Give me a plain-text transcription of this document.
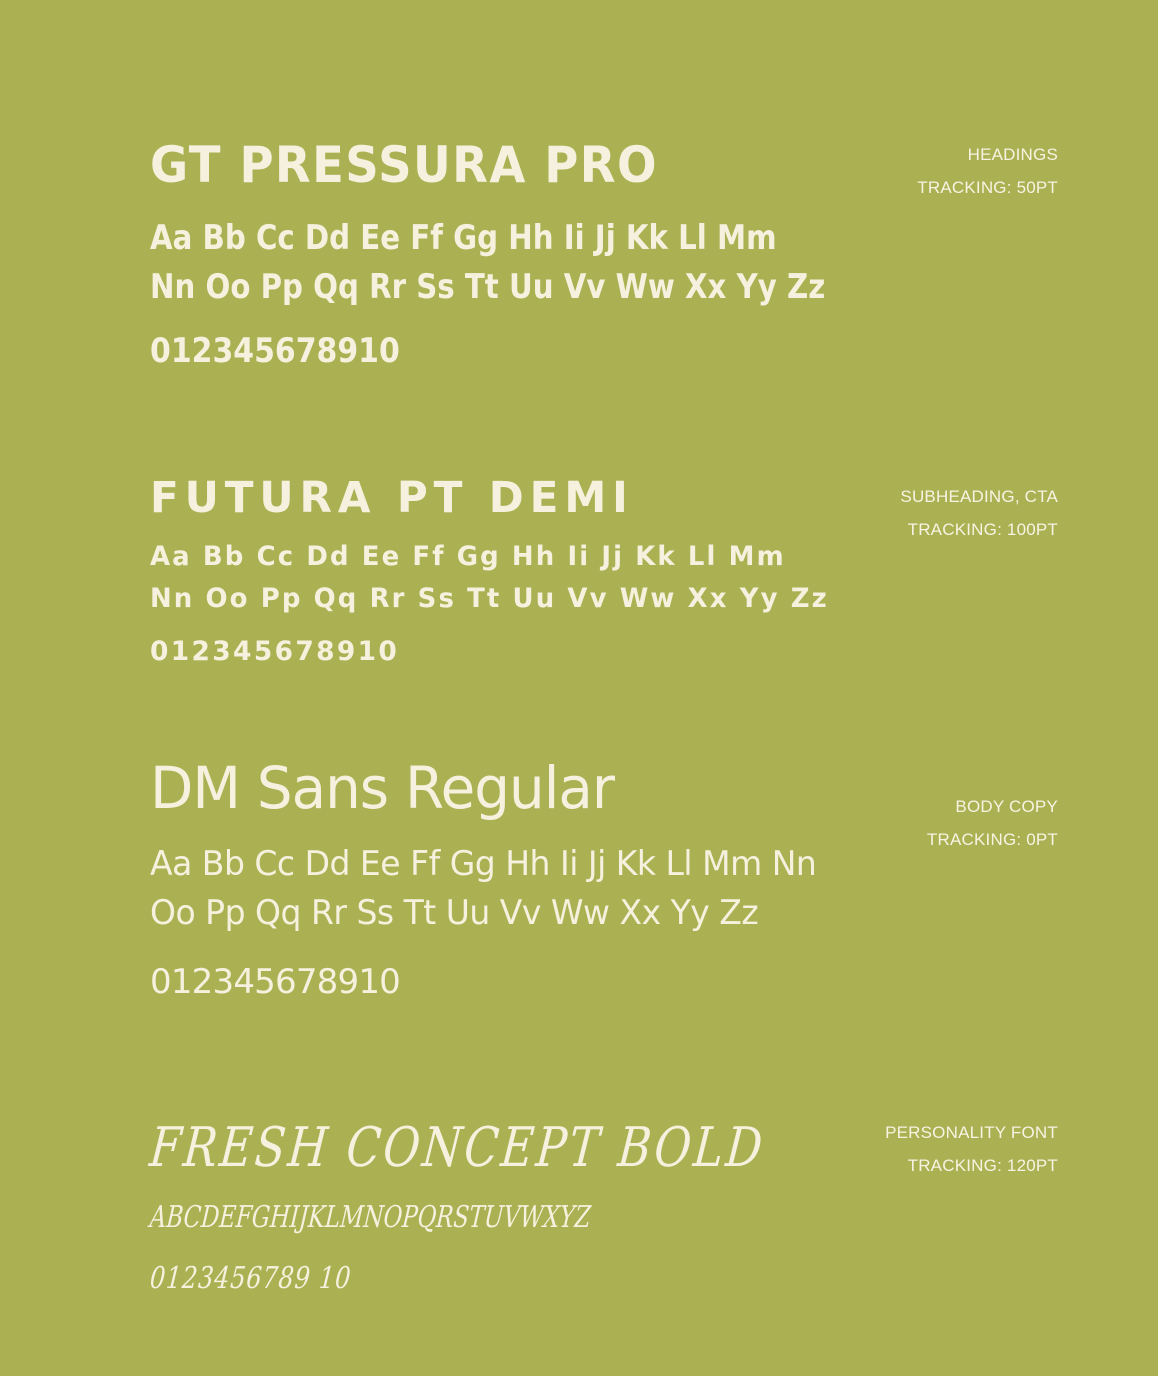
GT PRESSURA PRO
Aa Bb Cc Dd Ee Ff Gg Hh Ii Jj Kk Ll Mm
Nn Oo Pp Qq Rr Ss Tt Uu Vv Ww Xx Yy Zz
012345678910
HEADINGS
TRACKING: 50PT
FUTURA PT DEMI
Aa Bb Cc Dd Ee Ff Gg Hh Ii Jj Kk Ll Mm
Nn Oo Pp Qq Rr Ss Tt Uu Vv Ww Xx Yy Zz
012345678910
SUBHEADING, CTA
TRACKING: 100PT
DM Sans Regular
Aa Bb Cc Dd Ee Ff Gg Hh Ii Jj Kk Ll Mm Nn
Oo Pp Qq Rr Ss Tt Uu Vv Ww Xx Yy Zz
012345678910
BODY COPY
TRACKING: 0PT
FRESH CONCEPT BOLD
ABCDEFGHIJKLMNOPQRSTUVWXYZ
0123456789 10
PERSONALITY FONT
TRACKING: 120PT
